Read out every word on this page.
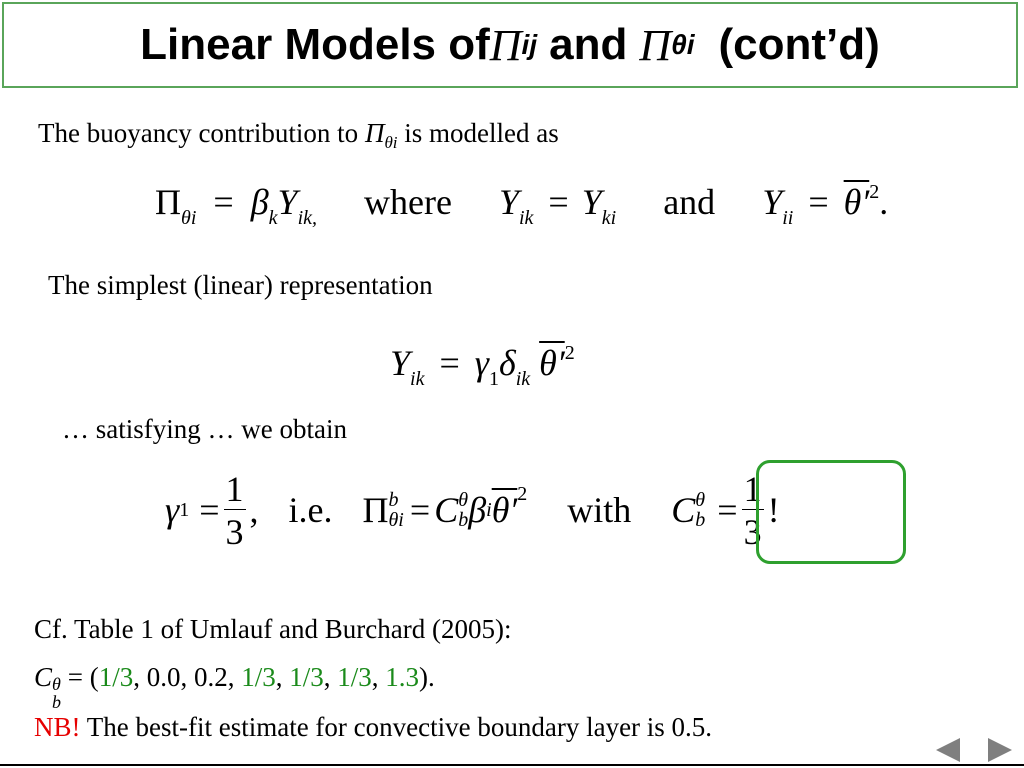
Linear Models of Π ij and Π θi (cont’d)
The buoyancy contribution to $\Pi_{\theta i}$ is modelled as
$\Pi_{\theta i} = \beta_kY_{ik,}$ where $Y_{ik} = Y_{ki}$ and $Y_{ii} = \theta'^2$.
The simplest (linear) representation
$Y_{ik} = \gamma_1\delta_{ik}$ $\theta'^2$
… satisfying … we obtain
γ $1 = \frac{1}{3}$ , i.e. Π b
θi = C θ
b β i θ′ 2 with C θ
$b = \frac{1}{3}$ !
Cf. Table 1 of Umlauf and Burchard (2005):
C θ
b
= (1/3, 0.0, 0.2, 1/3, 1/3, 1/3, 1.3).
NB! The best-fit estimate for convective boundary layer is 0.5.
